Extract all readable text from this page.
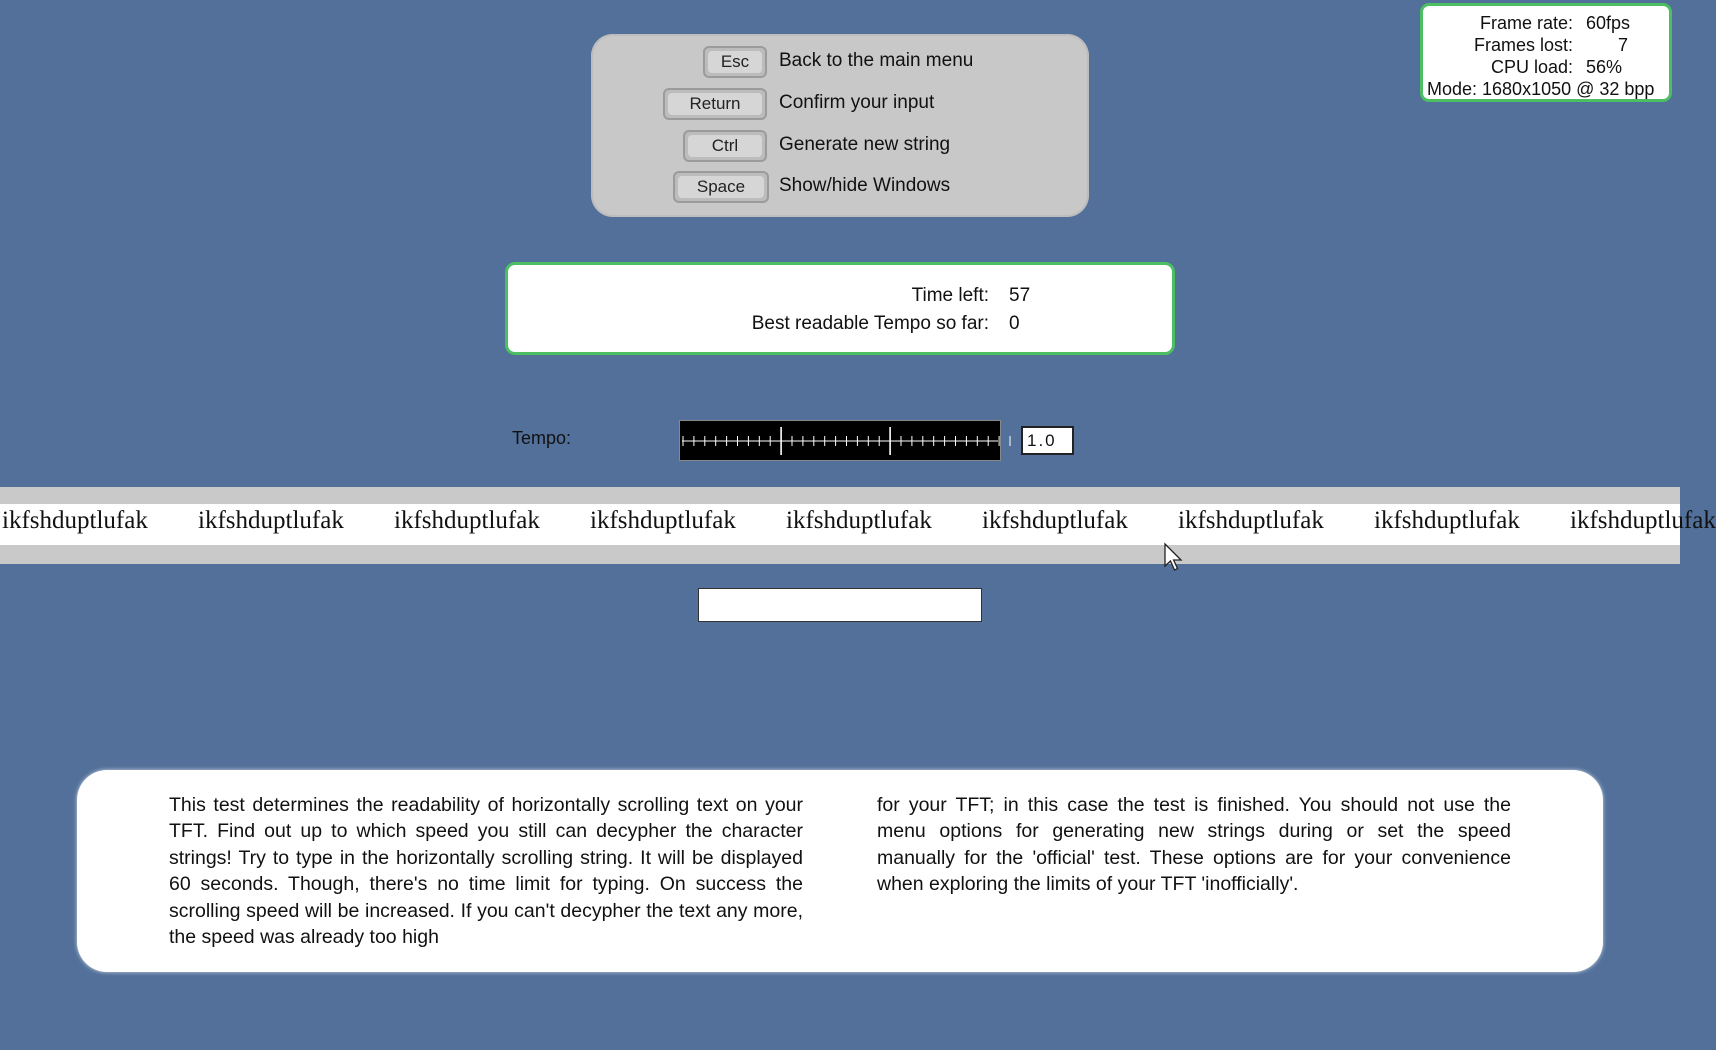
Frame rate: 60fps
Frames lost:	7
CPU load: 56%
Mode: 1680x1050 @ 32 bpp
Esc	Back to the main menu
Return	Confirm your input
Ctrl	Generate new string
Space	Show/hide Windows
Time left: 57
Best readable Tempo so far: 0
Tempo:	1.0
ikfshduptlufak ikfshduptlufak ikfshduptlufak ikfshduptlufak ikfshduptlufak ikfshduptlufak ikfshduptlufak ikfshduptlufak ikfshduptlufak
This test determines the readability of horizontally scrolling text on your TFT. Find out up to which speed you still can decypher the character strings! Try to type in the horizontally scrolling string. It will be displayed 60 seconds. Though, there's no time limit for typing. On success the scrolling speed will be increased. If you can't decypher the text any more, the speed was already too high
for your TFT; in this case the test is finished. You should not use the menu options for generating new strings during or set the speed manually for the 'official' test. These options are for your convenience when exploring the limits of your TFT 'inofficially'.
